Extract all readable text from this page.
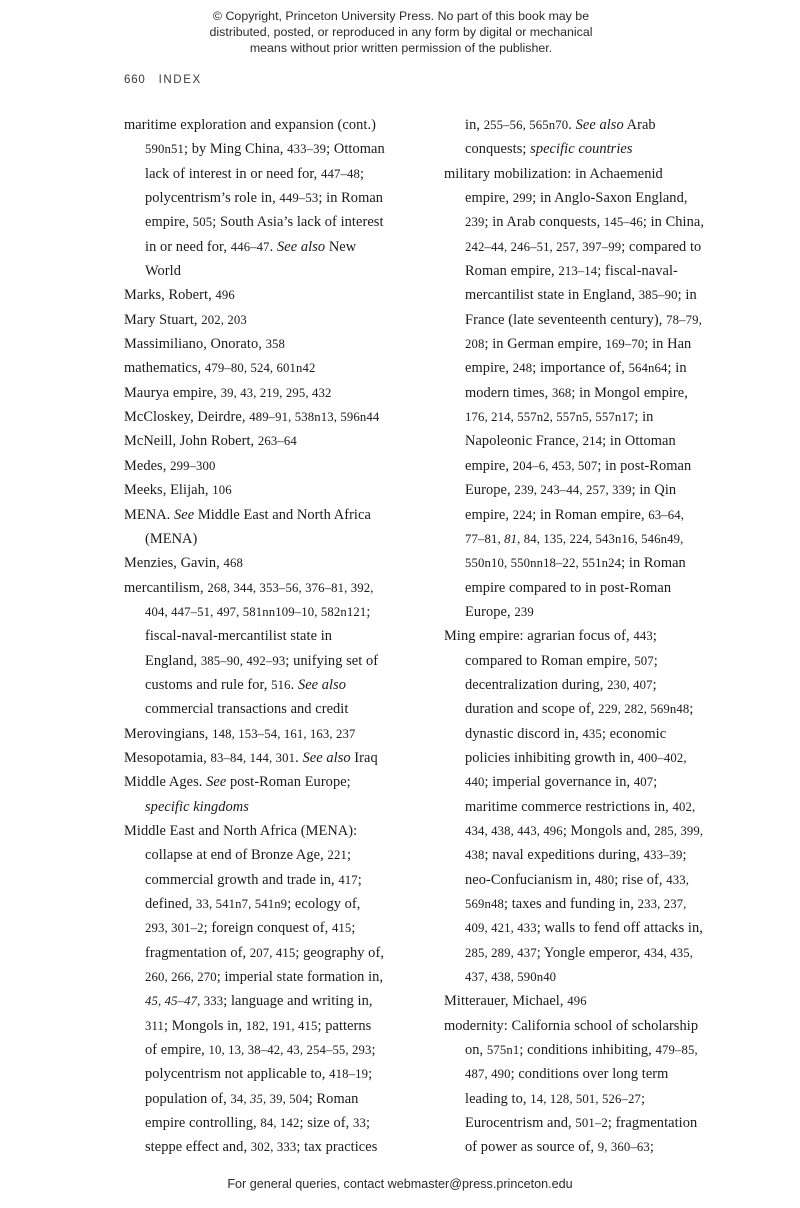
© Copyright, Princeton University Press. No part of this book may be

distributed, posted, or reproduced in any form by digital or mechanical

means without prior written permission of the publisher.

660 INDEX

maritime exploration and expansion (cont.) 590n51; by Ming China, 433–39; Ottoman lack of interest in or need for, 447–48; polycentrism’s role in, 449–53; in Roman empire, 505; South Asia’s lack of interest in or need for, 446–47. See also New World

Marks, Robert, 496

Mary Stuart, 202, 203

Massimiliano, Onorato, 358

mathematics, 479–80, 524, 601n42

Maurya empire, 39, 43, 219, 295, 432

McCloskey, Deirdre, 489–91, 538n13, 596n44

McNeill, John Robert, 263–64

Medes, 299–300

Meeks, Elijah, 106

MENA. See Middle East and North Africa (MENA)

Menzies, Gavin, 468

mercantilism, 268, 344, 353–56, 376–81, 392, 404, 447–51, 497, 581nn109–10, 582n121; fiscal-naval-mercantilist state in England, 385–90, 492–93; unifying set of customs and rule for, 516. See also commercial transactions and credit

Merovingians, 148, 153–54, 161, 163, 237

Mesopotamia, 83–84, 144, 301. See also Iraq

Middle Ages. See post-Roman Europe; specific kingdoms

Middle East and North Africa (MENA): collapse at end of Bronze Age, 221; commercial growth and trade in, 417; defined, 33, 541n7, 541n9; ecology of, 293, 301–2; foreign conquest of, 415; fragmentation of, 207, 415; geography of, 260, 266, 270; imperial state formation in, 45, 45–47, 333; language and writing in, 311; Mongols in, 182, 191, 415; patterns of empire, 10, 13, 38–42, 43, 254–55, 293; polycentrism not applicable to, 418–19; population of, 34, 35, 39, 504; Roman empire controlling, 84, 142; size of, 33; steppe effect and, 302, 333; tax practices

in, 255–56, 565n70. See also Arab conquests; specific countries

military mobilization: in Achaemenid empire, 299; in Anglo-Saxon England, 239; in Arab conquests, 145–46; in China, 242–44, 246–51, 257, 397–99; compared to Roman empire, 213–14; fiscal-naval-mercantilist state in England, 385–90; in France (late seventeenth century), 78–79, 208; in German empire, 169–70; in Han empire, 248; importance of, 564n64; in modern times, 368; in Mongol empire, 176, 214, 557n2, 557n5, 557n17; in Napoleonic France, 214; in Ottoman empire, 204–6, 453, 507; in post-Roman Europe, 239, 243–44, 257, 339; in Qin empire, 224; in Roman empire, 63–64, 77–81, 81, 84, 135, 224, 543n16, 546n49, 550n10, 550nn18–22, 551n24; in Roman empire compared to in post-Roman Europe, 239

Ming empire: agrarian focus of, 443; compared to Roman empire, 507; decentralization during, 230, 407; duration and scope of, 229, 282, 569n48; dynastic discord in, 435; economic policies inhibiting growth in, 400–402, 440; imperial governance in, 407; maritime commerce restrictions in, 402, 434, 438, 443, 496; Mongols and, 285, 399, 438; naval expeditions during, 433–39; neo-Confucianism in, 480; rise of, 433, 569n48; taxes and funding in, 233, 237, 409, 421, 433; walls to fend off attacks in, 285, 289, 437; Yongle emperor, 434, 435, 437, 438, 590n40

Mitterauer, Michael, 496

modernity: California school of scholarship on, 575n1; conditions inhibiting, 479–85, 487, 490; conditions over long term leading to, 14, 128, 501, 526–27; Eurocentrism and, 501–2; fragmentation of power as source of, 9, 360–63;

For general queries, contact webmaster@press.princeton.edu
